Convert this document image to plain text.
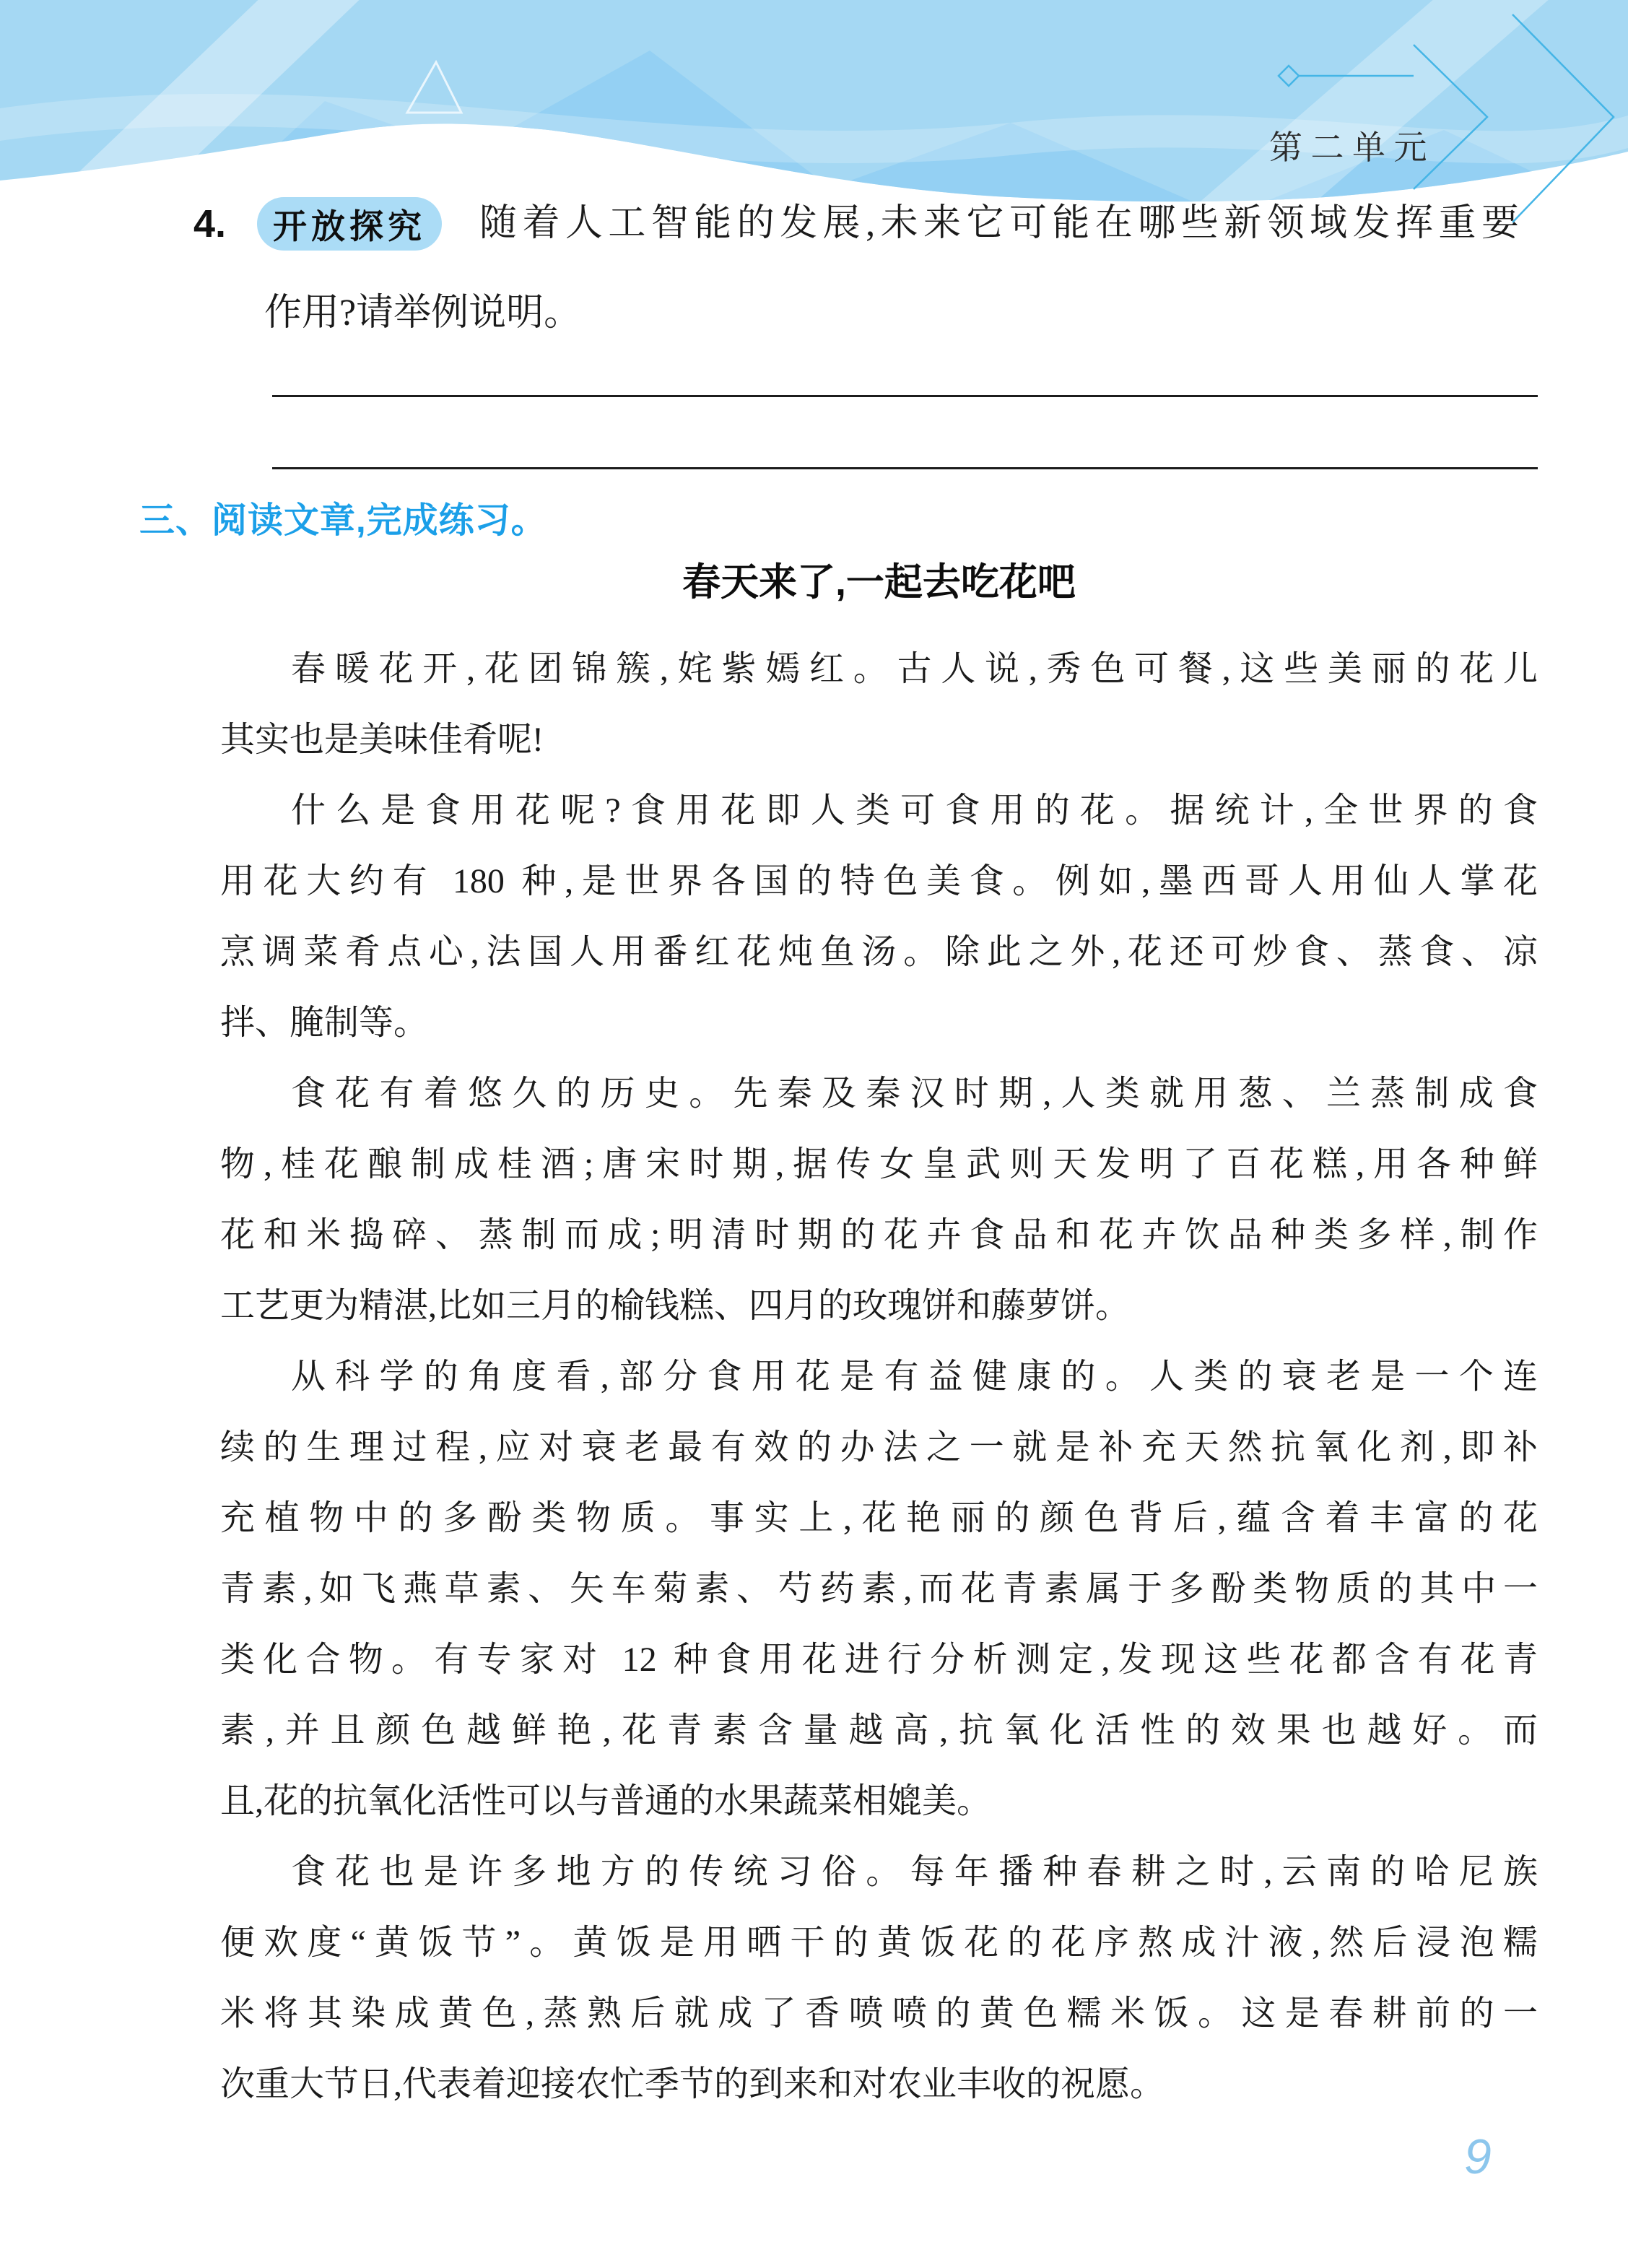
第 二 单 元
4.	开放探究	随着人工智能的发展,未来它可能在哪些新领域发挥重要
作用?请举例说明。
三、阅读文章,完成练习。
春天来了,一起去吃花吧
春暖花开,花团锦簇,姹紫嫣红。古人说,秀色可餐,这些美丽的花儿
其实也是美味佳肴呢!
什么是食用花呢?食用花即人类可食用的花。据统计,全世界的食
用花大约有 180 种,是世界各国的特色美食。例如,墨西哥人用仙人掌花
烹调菜肴点心,法国人用番红花炖鱼汤。除此之外,花还可炒食、蒸食、凉
拌、腌制等。
食花有着悠久的历史。先秦及秦汉时期,人类就用葱、兰蒸制成食
物,桂花酿制成桂酒;唐宋时期,据传女皇武则天发明了百花糕,用各种鲜
花和米捣碎、蒸制而成;明清时期的花卉食品和花卉饮品种类多样,制作
工艺更为精湛,比如三月的榆钱糕、四月的玫瑰饼和藤萝饼。
从科学的角度看,部分食用花是有益健康的。人类的衰老是一个连
续的生理过程,应对衰老最有效的办法之一就是补充天然抗氧化剂,即补
充植物中的多酚类物质。事实上,花艳丽的颜色背后,蕴含着丰富的花
青素,如飞燕草素、矢车菊素、芍药素,而花青素属于多酚类物质的其中一
类化合物。有专家对 12 种食用花进行分析测定,发现这些花都含有花青
素,并且颜色越鲜艳,花青素含量越高,抗氧化活性的效果也越好。而
且,花的抗氧化活性可以与普通的水果蔬菜相媲美。
食花也是许多地方的传统习俗。每年播种春耕之时,云南的哈尼族
便欢度“黄饭节”。黄饭是用晒干的黄饭花的花序熬成汁液,然后浸泡糯
米将其染成黄色,蒸熟后就成了香喷喷的黄色糯米饭。这是春耕前的一
次重大节日,代表着迎接农忙季节的到来和对农业丰收的祝愿。
9
